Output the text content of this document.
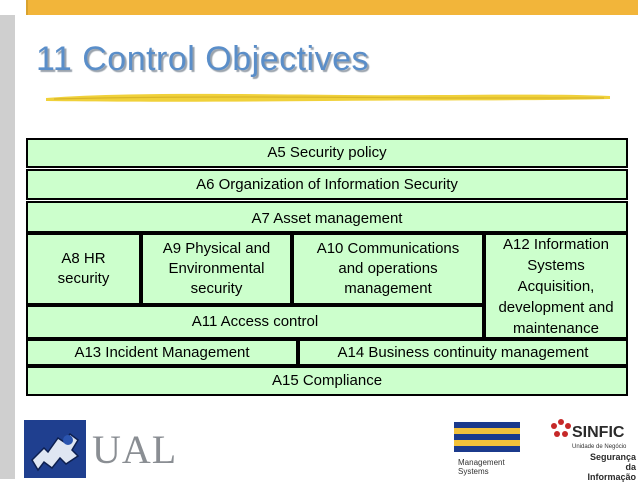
11 Control Objectives
A5 Security policy
A6 Organization of Information Security
A7 Asset management
A8 HR security
A9 Physical and Environmental security
A10 Communications and operations management
A12 Information Systems Acquisition, development and maintenance
A11 Access control
A13 Incident Management	A14 Business continuity management
A15 Compliance
UAL	Management Systems
SINFIC
Unidade de Negócio
Segurança da Informação
